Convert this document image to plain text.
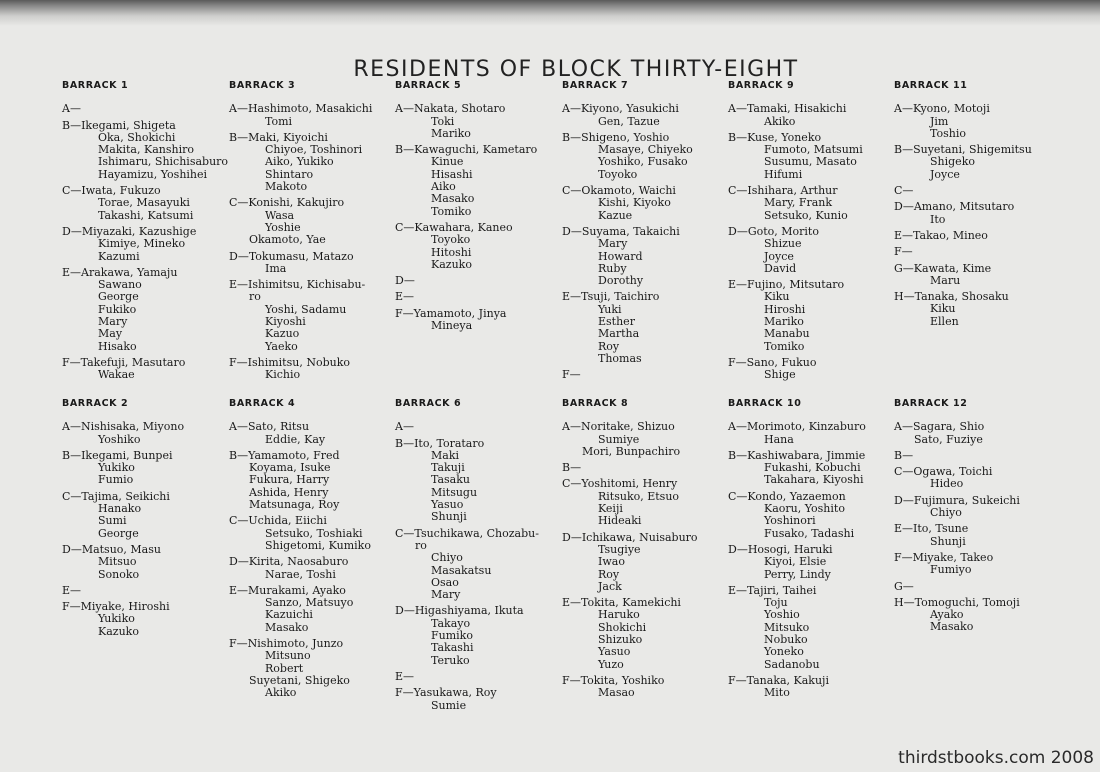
RESIDENTS OF BLOCK THIRTY-EIGHT
BARRACK 1
A—
B—Ikegami, Shigeta
Oka, Shokichi
Makita, Kanshiro
Ishimaru, Shichisaburo
Hayamizu, Yoshihei
C—Iwata, Fukuzo
Torae, Masayuki
Takashi, Katsumi
D—Miyazaki, Kazushige
Kimiye, Mineko
Kazumi
E—Arakawa, Yamaju
Sawano
George
Fukiko
Mary
May
Hisako
F—Takefuji, Masutaro
Wakae
BARRACK 3
A—Hashimoto, Masakichi
Tomi
B—Maki, Kiyoichi
Chiyoe, Toshinori
Aiko, Yukiko
Shintaro
Makoto
C—Konishi, Kakujiro
Wasa
Yoshie
Okamoto, Yae
D—Tokumasu, Matazo
Ima
E—Ishimitsu, Kichisabu-
ro
Yoshi, Sadamu
Kiyoshi
Kazuo
Yaeko
F—Ishimitsu, Nobuko
Kichio
BARRACK 5
A—Nakata, Shotaro
Toki
Mariko
B—Kawaguchi, Kametaro
Kinue
Hisashi
Aiko
Masako
Tomiko
C—Kawahara, Kaneo
Toyoko
Hitoshi
Kazuko
D—
E—
F—Yamamoto, Jinya
Mineya
BARRACK 7
A—Kiyono, Yasukichi
Gen, Tazue
B—Shigeno, Yoshio
Masaye, Chiyeko
Yoshiko, Fusako
Toyoko
C—Okamoto, Waichi
Kishi, Kiyoko
Kazue
D—Suyama, Takaichi
Mary
Howard
Ruby
Dorothy
E—Tsuji, Taichiro
Yuki
Esther
Martha
Roy
Thomas
F—
BARRACK 9
A—Tamaki, Hisakichi
Akiko
B—Kuse, Yoneko
Fumoto, Matsumi
Susumu, Masato
Hifumi
C—Ishihara, Arthur
Mary, Frank
Setsuko, Kunio
D—Goto, Morito
Shizue
Joyce
David
E—Fujino, Mitsutaro
Kiku
Hiroshi
Mariko
Manabu
Tomiko
F—Sano, Fukuo
Shige
BARRACK 11
A—Kyono, Motoji
Jim
Toshio
B—Suyetani, Shigemitsu
Shigeko
Joyce
C—
D—Amano, Mitsutaro
Ito
E—Takao, Mineo
F—
G—Kawata, Kime
Maru
H—Tanaka, Shosaku
Kiku
Ellen
BARRACK 2
A—Nishisaka, Miyono
Yoshiko
B—Ikegami, Bunpei
Yukiko
Fumio
C—Tajima, Seikichi
Hanako
Sumi
George
D—Matsuo, Masu
Mitsuo
Sonoko
E—
F—Miyake, Hiroshi
Yukiko
Kazuko
BARRACK 4
A—Sato, Ritsu
Eddie, Kay
B—Yamamoto, Fred
Koyama, Isuke
Fukura, Harry
Ashida, Henry
Matsunaga, Roy
C—Uchida, Eiichi
Setsuko, Toshiaki
Shigetomi, Kumiko
D—Kirita, Naosaburo
Narae, Toshi
E—Murakami, Ayako
Sanzo, Matsuyo
Kazuichi
Masako
F—Nishimoto, Junzo
Mitsuno
Robert
Suyetani, Shigeko
Akiko
BARRACK 6
A—
B—Ito, Torataro
Maki
Takuji
Tasaku
Mitsugu
Yasuo
Shunji
C—Tsuchikawa, Chozabu-
ro
Chiyo
Masakatsu
Osao
Mary
D—Higashiyama, Ikuta
Takayo
Fumiko
Takashi
Teruko
E—
F—Yasukawa, Roy
Sumie
BARRACK 8
A—Noritake, Shizuo
Sumiye
Mori, Bunpachiro
B—
C—Yoshitomi, Henry
Ritsuko, Etsuo
Keiji
Hideaki
D—Ichikawa, Nuisaburo
Tsugiye
Iwao
Roy
Jack
E—Tokita, Kamekichi
Haruko
Shokichi
Shizuko
Yasuo
Yuzo
F—Tokita, Yoshiko
Masao
BARRACK 10
A—Morimoto, Kinzaburo
Hana
B—Kashiwabara, Jimmie
Fukashi, Kobuchi
Takahara, Kiyoshi
C—Kondo, Yazaemon
Kaoru, Yoshito
Yoshinori
Fusako, Tadashi
D—Hosogi, Haruki
Kiyoi, Elsie
Perry, Lindy
E—Tajiri, Taihei
Toju
Yoshio
Mitsuko
Nobuko
Yoneko
Sadanobu
F—Tanaka, Kakuji
Mito
BARRACK 12
A—Sagara, Shio
Sato, Fuziye
B—
C—Ogawa, Toichi
Hideo
D—Fujimura, Sukeichi
Chiyo
E—Ito, Tsune
Shunji
F—Miyake, Takeo
Fumiyo
G—
H—Tomoguchi, Tomoji
Ayako
Masako
thirdstbooks.com 2008
